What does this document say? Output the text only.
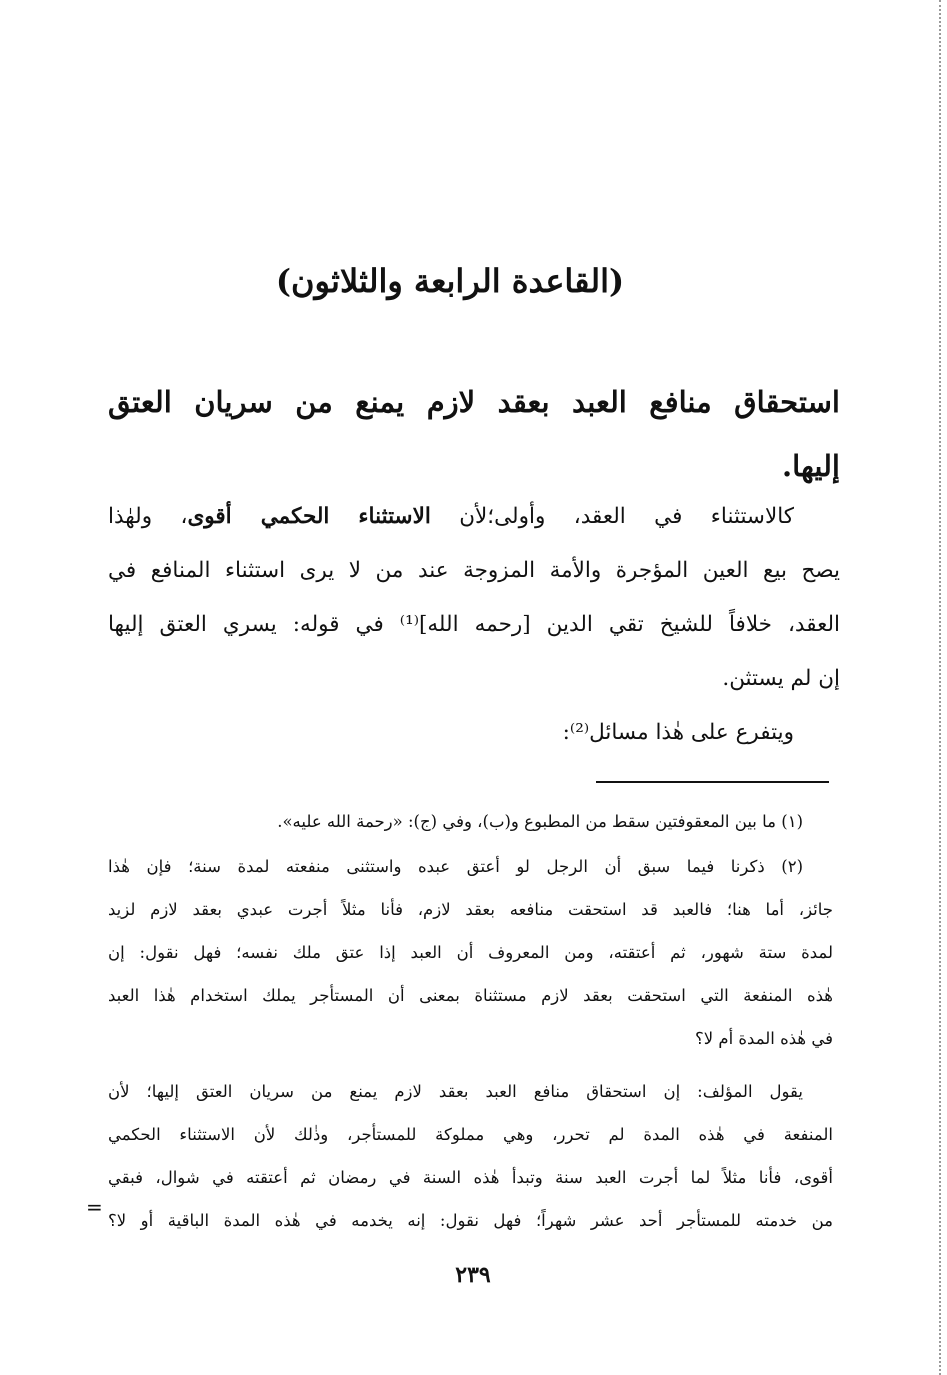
(القاعدة الرابعة والثلاثون)
استحقاق منافع العبد بعقد لازم يمنع من سريان العتق
إليها.
كالاستثناء في العقد، وأولى؛لأن الاستثناء الحكمي أقوى، ولهٰذا
يصح بيع العين المؤجرة والأمة المزوجة عند من لا يرى استثناء المنافع في
العقد، خلافاً للشيخ تقي الدين [رحمه الله]⁽¹⁾ في قوله: يسري العتق إليها
إن لم يستثن.
ويتفرع على هٰذا مسائل⁽²⁾:
(١) ما بين المعقوفتين سقط من المطبوع و(ب)، وفي (ج): «رحمة الله عليه».
(٢) ذكرنا فيما سبق أن الرجل لو أعتق عبده واستثنى منفعته لمدة سنة؛ فإن هٰذا
جائز، أما هنا؛ فالعبد قد استحقت منافعه بعقد لازم، فأنا مثلاً أجرت عبدي بعقد لازم لزيد
لمدة ستة شهور، ثم أعتقته، ومن المعروف أن العبد إذا عتق ملك نفسه؛ فهل نقول: إن
هٰذه المنفعة التي استحقت بعقد لازم مستثناة بمعنى أن المستأجر يملك استخدام هٰذا العبد
في هٰذه المدة أم لا؟
يقول المؤلف: إن استحقاق منافع العبد بعقد لازم يمنع من سريان العتق إليها؛ لأن
المنفعة في هٰذه المدة لم تحرر، وهي مملوكة للمستأجر، وذٰلك لأن الاستثناء الحكمي
أقوى، فأنا مثلاً لما أجرت العبد سنة وتبدأ هٰذه السنة في رمضان ثم أعتقته في شوال، فبقي
من خدمته للمستأجر أحد عشر شهراً؛ فهل نقول: إنه يخدمه في هٰذه المدة الباقية أو لا؟
=
٢٣٩
